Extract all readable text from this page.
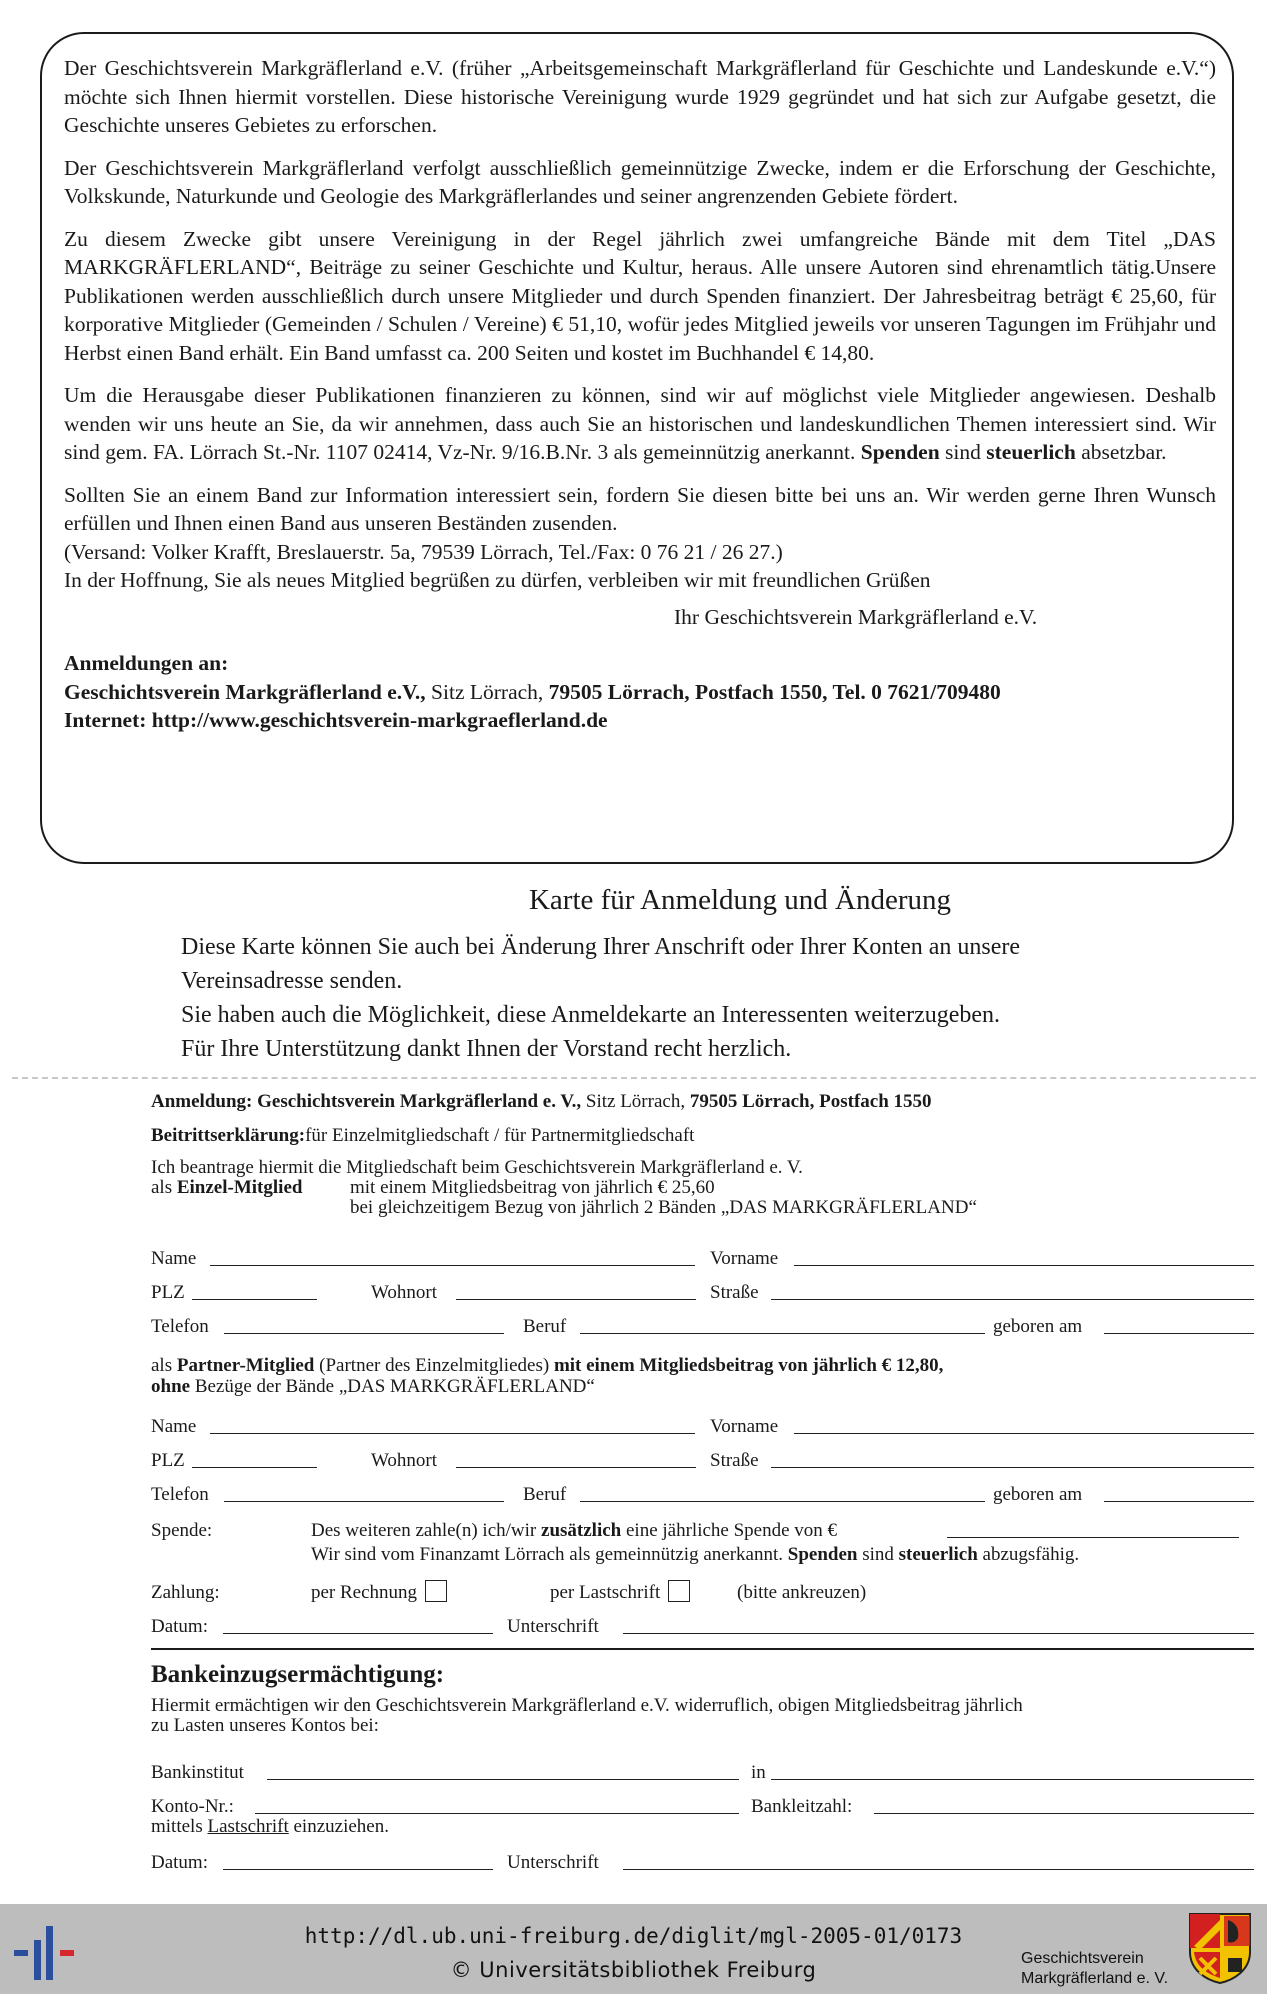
Der Geschichtsverein Markgräflerland e.V. (früher „Arbeitsgemeinschaft Markgräflerland für Geschichte und Landeskunde e.V.“) möchte sich Ihnen hiermit vorstellen. Diese historische Vereinigung wurde 1929 gegründet und hat sich zur Aufgabe gesetzt, die Geschichte unseres Gebietes zu erforschen.

Der Geschichtsverein Markgräflerland verfolgt ausschließlich gemeinnützige Zwecke, indem er die Erforschung der Geschichte, Volkskunde, Naturkunde und Geologie des Markgräflerlandes und seiner angrenzenden Gebiete fördert.

Zu diesem Zwecke gibt unsere Vereinigung in der Regel jährlich zwei umfangreiche Bände mit dem Titel „DAS MARKGRÄFLERLAND“, Beiträge zu seiner Geschichte und Kultur, heraus. Alle unsere Autoren sind ehrenamtlich tätig.Unsere Publikationen werden ausschließlich durch unsere Mitglieder und durch Spenden finanziert. Der Jahresbeitrag beträgt € 25,60, für korporative Mitglieder (Gemeinden / Schulen / Vereine) € 51,10, wofür jedes Mitglied jeweils vor unseren Tagungen im Frühjahr und Herbst einen Band erhält. Ein Band umfasst ca. 200 Seiten und kostet im Buchhandel € 14,80.

Um die Herausgabe dieser Publikationen finanzieren zu können, sind wir auf möglichst viele Mitglieder angewiesen. Deshalb wenden wir uns heute an Sie, da wir annehmen, dass auch Sie an historischen und landeskundlichen Themen interessiert sind. Wir sind gem. FA. Lörrach St.-Nr. 1107 02414, Vz-Nr. 9/16.B.Nr. 3 als gemeinnützig anerkannt. Spenden sind steuerlich absetzbar.

Sollten Sie an einem Band zur Information interessiert sein, fordern Sie diesen bitte bei uns an. Wir werden gerne Ihren Wunsch erfüllen und Ihnen einen Band aus unseren Beständen zusenden.
(Versand: Volker Krafft, Breslauerstr. 5a, 79539 Lörrach, Tel./Fax: 0 76 21 / 26 27.)
In der Hoffnung, Sie als neues Mitglied begrüßen zu dürfen, verbleiben wir mit freundlichen Grüßen

Ihr Geschichtsverein Markgräflerland e.V.

Anmeldungen an:

Geschichtsverein Markgräflerland e.V., Sitz Lörrach, 79505 Lörrach, Postfach 1550, Tel. 0 7621/709480

Internet: http://www.geschichtsverein-markgraeflerland.de

Karte für Anmeldung und Änderung
Diese Karte können Sie auch bei Änderung Ihrer Anschrift oder Ihrer Konten an unsere
Vereinsadresse senden.
Sie haben auch die Möglichkeit, diese Anmeldekarte an Interessenten weiterzugeben.
Für Ihre Unterstützung dankt Ihnen der Vorstand recht herzlich.
Anmeldung: Geschichtsverein Markgräflerland e. V., Sitz Lörrach, 79505 Lörrach, Postfach 1550
Beitrittserklärung:für Einzelmitgliedschaft / für Partnermitgliedschaft
Ich beantrage hiermit die Mitgliedschaft beim Geschichtsverein Markgräflerland e. V.
als Einzel-Mitglied	mit einem Mitgliedsbeitrag von jährlich € 25,60
bei gleichzeitigem Bezug von jährlich 2 Bänden „DAS MARKGRÄFLERLAND“
Name	Vorname
PLZ	Wohnort	Straße
Telefon	Beruf	geboren am
als Partner-Mitglied (Partner des Einzelmitgliedes) mit einem Mitgliedsbeitrag von jährlich € 12,80,
ohne Bezüge der Bände „DAS MARKGRÄFLERLAND“
Name	Vorname
PLZ	Wohnort	Straße
Telefon	Beruf	geboren am
Spende:	Des weiteren zahle(n) ich/wir zusätzlich eine jährliche Spende von €
Wir sind vom Finanzamt Lörrach als gemeinnützig anerkannt. Spenden sind steuerlich abzugsfähig.
Zahlung:	per Rechnung	per Lastschrift	(bitte ankreuzen)
Datum:	Unterschrift
Bankeinzugsermächtigung:
Hiermit ermächtigen wir den Geschichtsverein Markgräflerland e.V. widerruflich, obigen Mitgliedsbeitrag jährlich
zu Lasten unseres Kontos bei:
Bankinstitut	in
Konto-Nr.:	Bankleitzahl:
mittels Lastschrift einzuziehen.
Datum:	Unterschrift
http://dl.ub.uni-freiburg.de/diglit/mgl-2005-01/0173
© Universitätsbibliothek Freiburg	Geschichtsverein
Markgräflerland e. V.
